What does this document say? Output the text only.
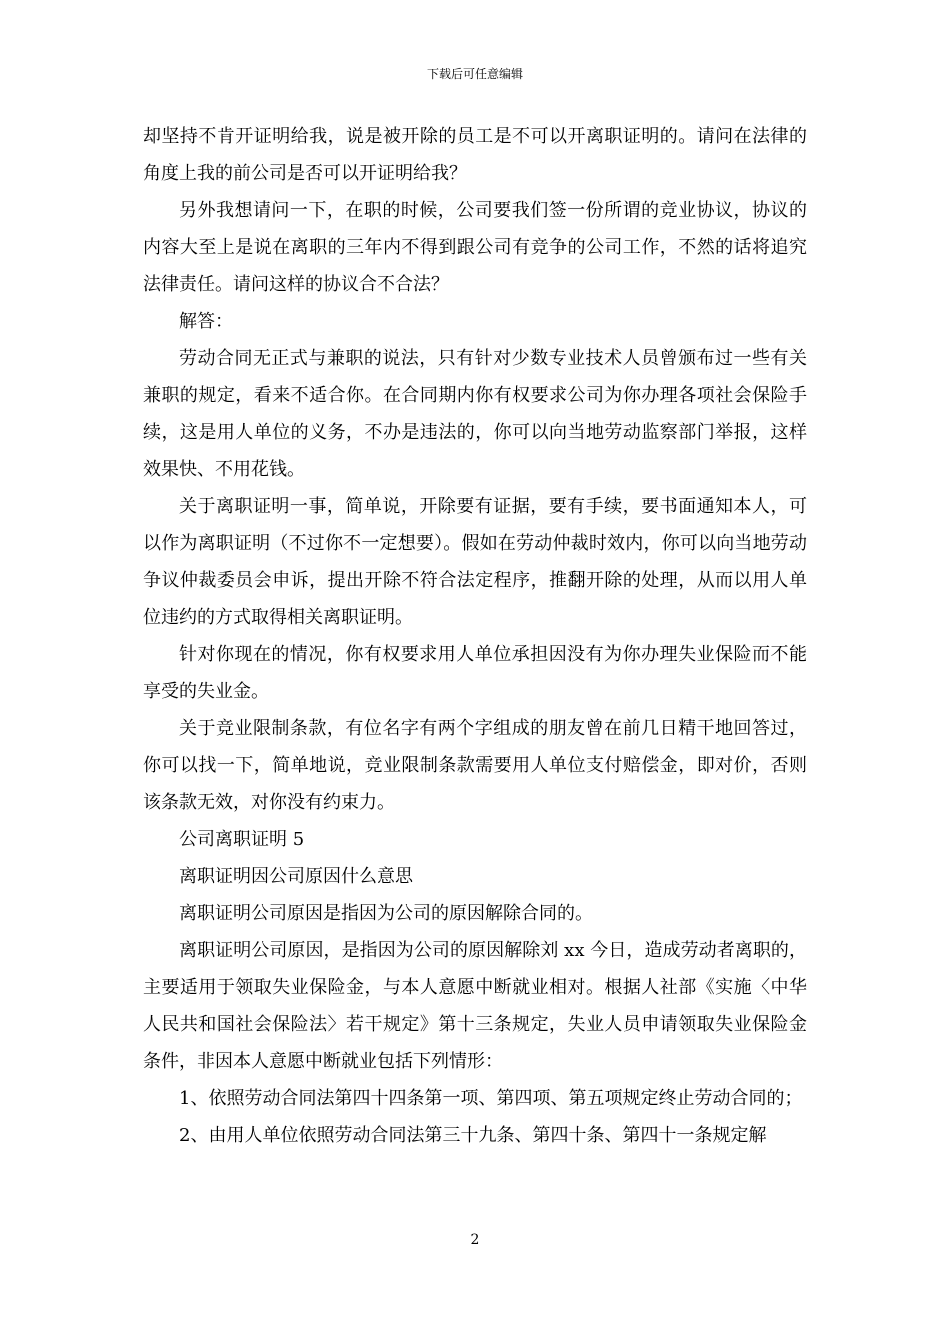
下载后可任意编辑

却坚持不肯开证明给我，说是被开除的员工是不可以开离职证明的。请问在法律的角度上我的前公司是否可以开证明给我？

另外我想请问一下，在职的时候，公司要我们签一份所谓的竞业协议，协议的内容大至上是说在离职的三年内不得到跟公司有竞争的公司工作，不然的话将追究法律责任。请问这样的协议合不合法？

解答：

劳动合同无正式与兼职的说法，只有针对少数专业技术人员曾颁布过一些有关兼职的规定，看来不适合你。在合同期内你有权要求公司为你办理各项社会保险手续，这是用人单位的义务，不办是违法的，你可以向当地劳动监察部门举报，这样效果快、不用花钱。

关于离职证明一事，简单说，开除要有证据，要有手续，要书面通知本人，可以作为离职证明（不过你不一定想要）。假如在劳动仲裁时效内，你可以向当地劳动争议仲裁委员会申诉，提出开除不符合法定程序，推翻开除的处理，从而以用人单位违约的方式取得相关离职证明。

针对你现在的情况，你有权要求用人单位承担因没有为你办理失业保险而不能享受的失业金。

关于竞业限制条款，有位名字有两个字组成的朋友曾在前几日精干地回答过，你可以找一下，简单地说，竞业限制条款需要用人单位支付赔偿金，即对价，否则该条款无效，对你没有约束力。

公司离职证明 5

离职证明因公司原因什么意思

离职证明公司原因是指因为公司的原因解除合同的。

离职证明公司原因，是指因为公司的原因解除刘 xx 今日，造成劳动者离职的，主要适用于领取失业保险金，与本人意愿中断就业相对。根据人社部《实施〈中华人民共和国社会保险法〉若干规定》第十三条规定，失业人员申请领取失业保险金条件，非因本人意愿中断就业包括下列情形：

1、依照劳动合同法第四十四条第一项、第四项、第五项规定终止劳动合同的；

2、由用人单位依照劳动合同法第三十九条、第四十条、第四十一条规定解

2
